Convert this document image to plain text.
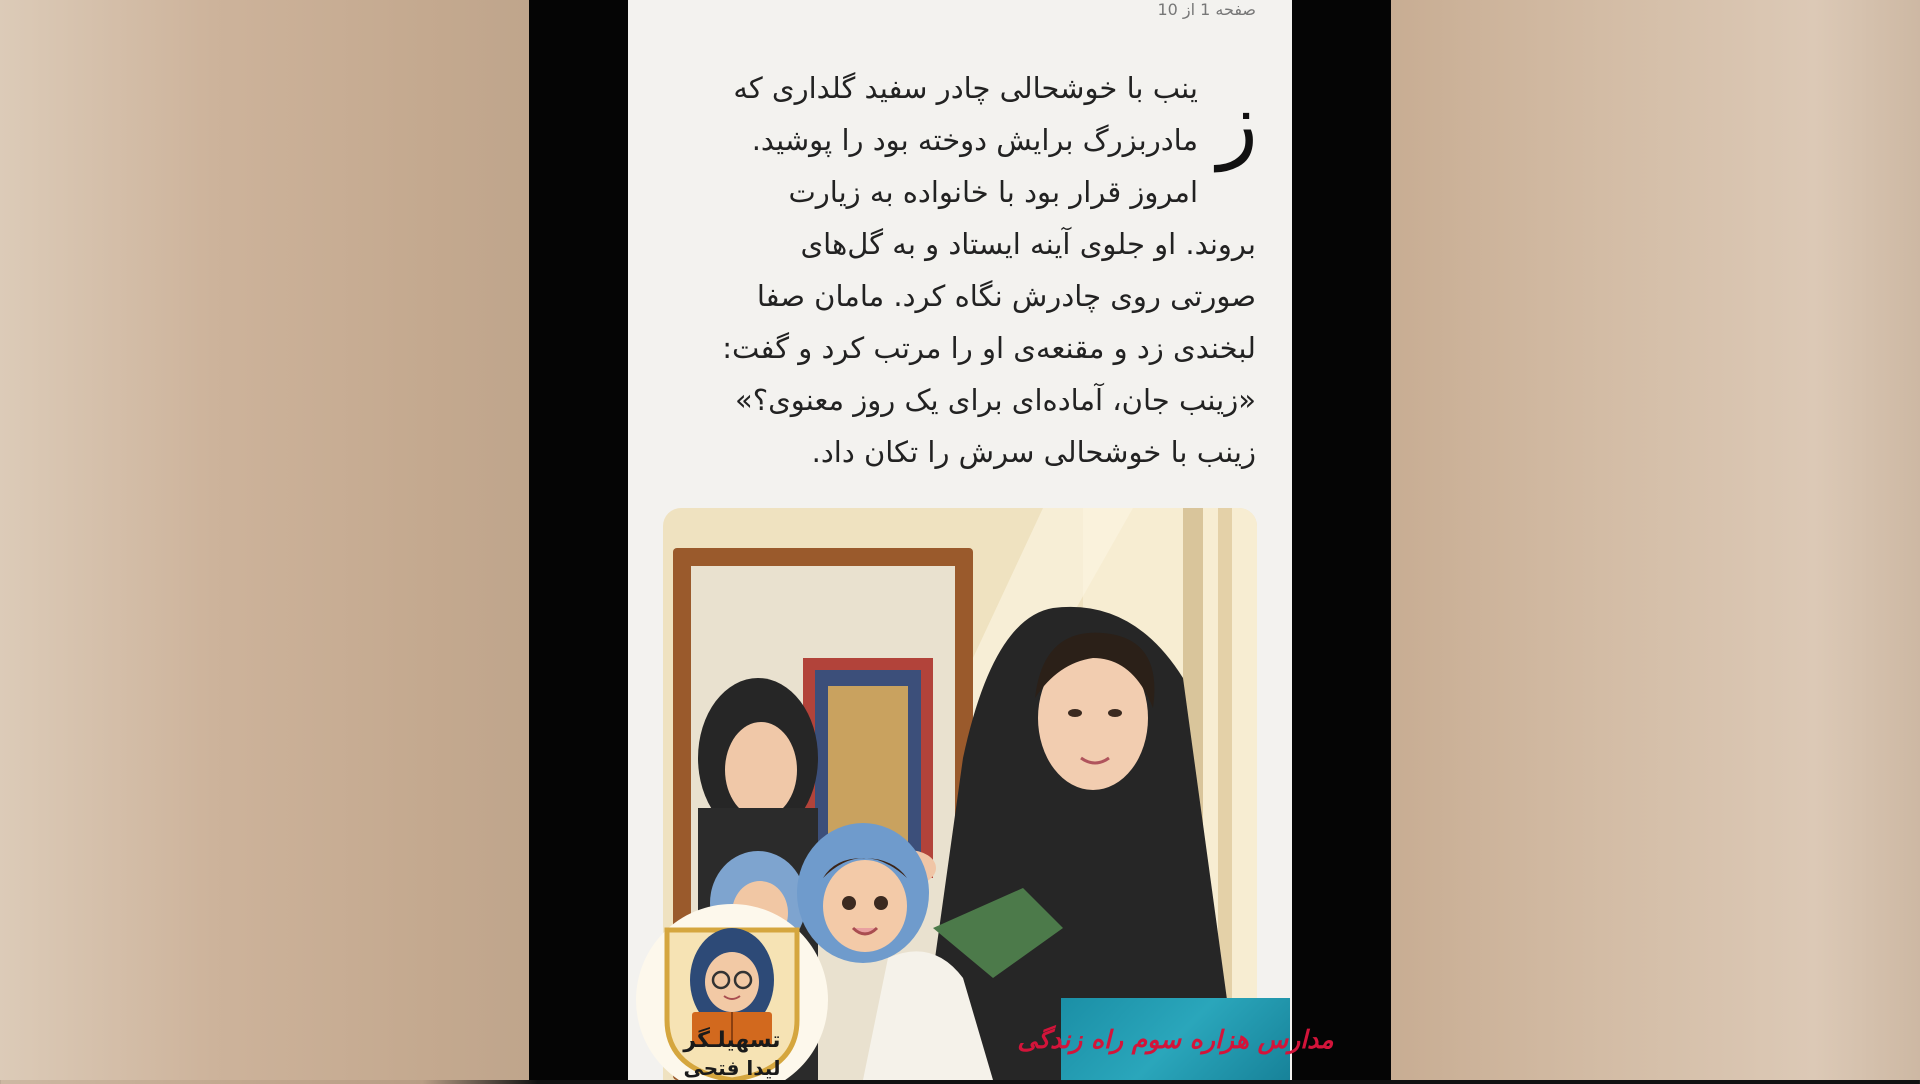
صفحه 1 از 10
ز

ینب با خوشحالی چادر سفید گلداری که

مادربزرگ برایش دوخته بود را پوشید.

امروز قرار بود با خانواده به زیارت

بروند. او جلوی آینه ایستاد و به گل‌های

صورتی روی چادرش نگاه کرد. مامان صفا

لبخندی زد و مقنعه‌ی او را مرتب کرد و گفت:

«زینب جان، آماده‌ای برای یک روز معنوی؟»

زینب با خوشحالی سرش را تکان داد.

تسهیلـگر
لیدا فتحی
مدارس هزاره سوم راه زندگی
